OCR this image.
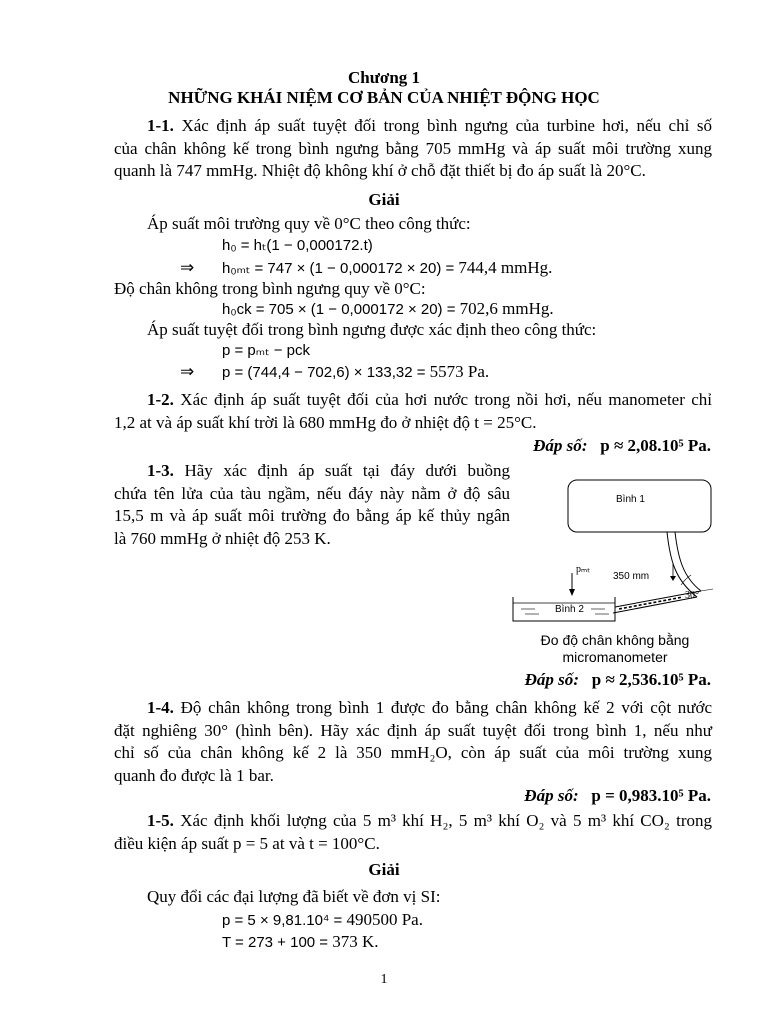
Chương 1
NHỮNG KHÁI NIỆM CƠ BẢN CỦA NHIỆT ĐỘNG HỌC
1-1. Xác định áp suất tuyệt đối trong bình ngưng của turbine hơi, nếu chỉ số
của chân không kế trong bình ngưng bằng 705 mmHg và áp suất môi trường xung
quanh là 747 mmHg. Nhiệt độ không khí ở chỗ đặt thiết bị đo áp suất là 20°C.
Giải
Áp suất môi trường quy về 0°C theo công thức:
h₀ = hₜ(1 − 0,000172.t)
⇒ h₀ₘₜ = 747 × (1 − 0,000172 × 20) = 744,4 mmHg.
Độ chân không trong bình ngưng quy về 0°C:
h₀ck = 705 × (1 − 0,000172 × 20) = 702,6 mmHg.
Áp suất tuyệt đối trong bình ngưng được xác định theo công thức:
p = pₘₜ − pck
⇒ p = (744,4 − 702,6) × 133,32 = 5573 Pa.
1-2. Xác định áp suất tuyệt đối của hơi nước trong nồi hơi, nếu manometer chỉ
1,2 at và áp suất khí trời là 680 mmHg đo ở nhiệt độ t = 25°C.
Đáp số: p ≈ 2,08.10⁵ Pa.
1-3. Hãy xác định áp suất tại đáy dưới buồng
chứa tên lửa của tàu ngầm, nếu đáy này nằm ở độ sâu
15,5 m và áp suất môi trường đo bằng áp kế thủy ngân
là 760 mmHg ở nhiệt độ 253 K.
Bình 1
Bình 2
pₘₜ
350 mm
30°
Đo độ chân không bằng
micromanometer
Đáp số: p ≈ 2,536.10⁵ Pa.
1-4. Độ chân không trong bình 1 được đo bằng chân không kế 2 với cột nước
đặt nghiêng 30° (hình bên). Hãy xác định áp suất tuyệt đối trong bình 1, nếu như
chỉ số của chân không kế 2 là 350 mmH₂O, còn áp suất của môi trường xung
quanh đo được là 1 bar.
Đáp số: p = 0,983.10⁵ Pa.
1-5. Xác định khối lượng của 5 m³ khí H₂, 5 m³ khí O₂ và 5 m³ khí CO₂ trong
điều kiện áp suất p = 5 at và t = 100°C.
Giải
Quy đổi các đại lượng đã biết về đơn vị SI:
p = 5 × 9,81.10⁴ = 490500 Pa.
T = 273 + 100 = 373 K.
1
